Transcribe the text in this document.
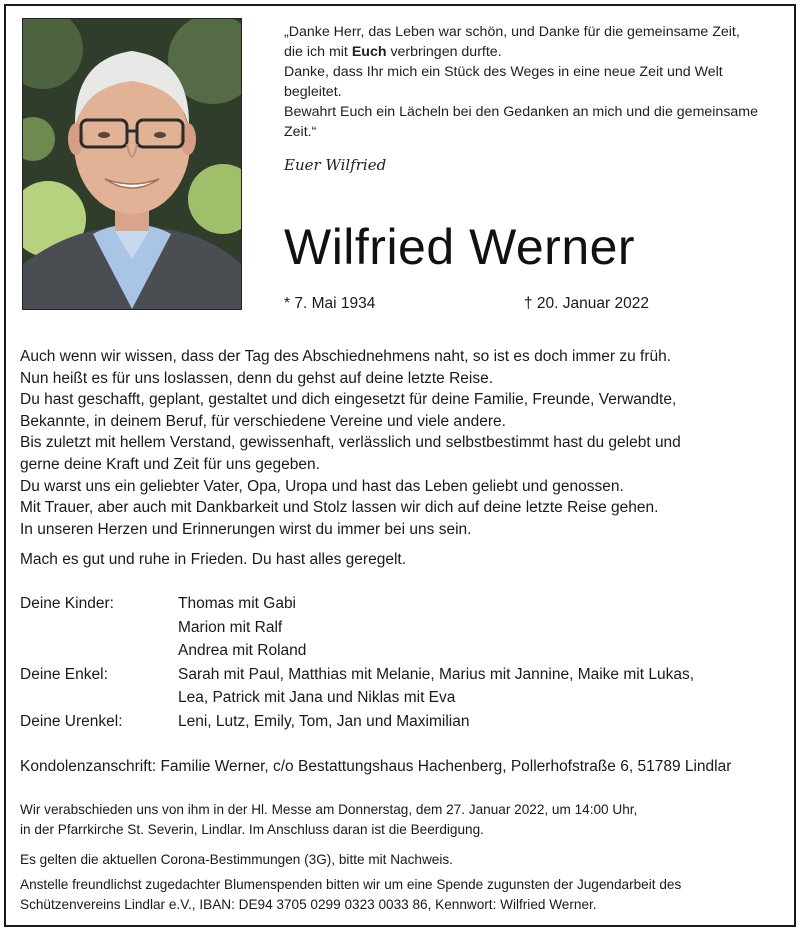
„Danke Herr, das Leben war schön, und Danke für die gemeinsame Zeit,

die ich mit Euch verbringen durfte.

Danke, dass Ihr mich ein Stück des Weges in eine neue Zeit und Welt

begleitet.

Bewahrt Euch ein Lächeln bei den Gedanken an mich und die gemeinsame

Zeit.“

Euer Wilfried
Wilfried Werner
* 7. Mai 1934	† 20. Januar 2022

Auch wenn wir wissen, dass der Tag des Abschiednehmens naht, so ist es doch immer zu früh.

Nun heißt es für uns loslassen, denn du gehst auf deine letzte Reise.

Du hast geschafft, geplant, gestaltet und dich eingesetzt für deine Familie, Freunde, Verwandte,

Bekannte, in deinem Beruf, für verschiedene Vereine und viele andere.

Bis zuletzt mit hellem Verstand, gewissenhaft, verlässlich und selbstbestimmt hast du gelebt und

gerne deine Kraft und Zeit für uns gegeben.

Du warst uns ein geliebter Vater, Opa, Uropa und hast das Leben geliebt und genossen.

Mit Trauer, aber auch mit Dankbarkeit und Stolz lassen wir dich auf deine letzte Reise gehen.

In unseren Herzen und Erinnerungen wirst du immer bei uns sein.

Mach es gut und ruhe in Frieden. Du hast alles geregelt.
Deine Kinder:	Thomas mit Gabi

Marion mit Ralf

Andrea mit Roland

Deine Enkel:	Sarah mit Paul, Matthias mit Melanie, Marius mit Jannine, Maike mit Lukas,

Lea, Patrick mit Jana und Niklas mit Eva

Deine Urenkel:	Leni, Lutz, Emily, Tom, Jan und Maximilian

Kondolenzanschrift: Familie Werner, c/o Bestattungshaus Hachenberg, Pollerhofstraße 6, 51789 Lindlar

Wir verabschieden uns von ihm in der Hl. Messe am Donnerstag, dem 27. Januar 2022, um 14:00 Uhr,

in der Pfarrkirche St. Severin, Lindlar. Im Anschluss daran ist die Beerdigung.

Es gelten die aktuellen Corona-Bestimmungen (3G), bitte mit Nachweis.

Anstelle freundlichst zugedachter Blumenspenden bitten wir um eine Spende zugunsten der Jugendarbeit des

Schützenvereins Lindlar e.V., IBAN: DE94 3705 0299 0323 0033 86, Kennwort: Wilfried Werner.
